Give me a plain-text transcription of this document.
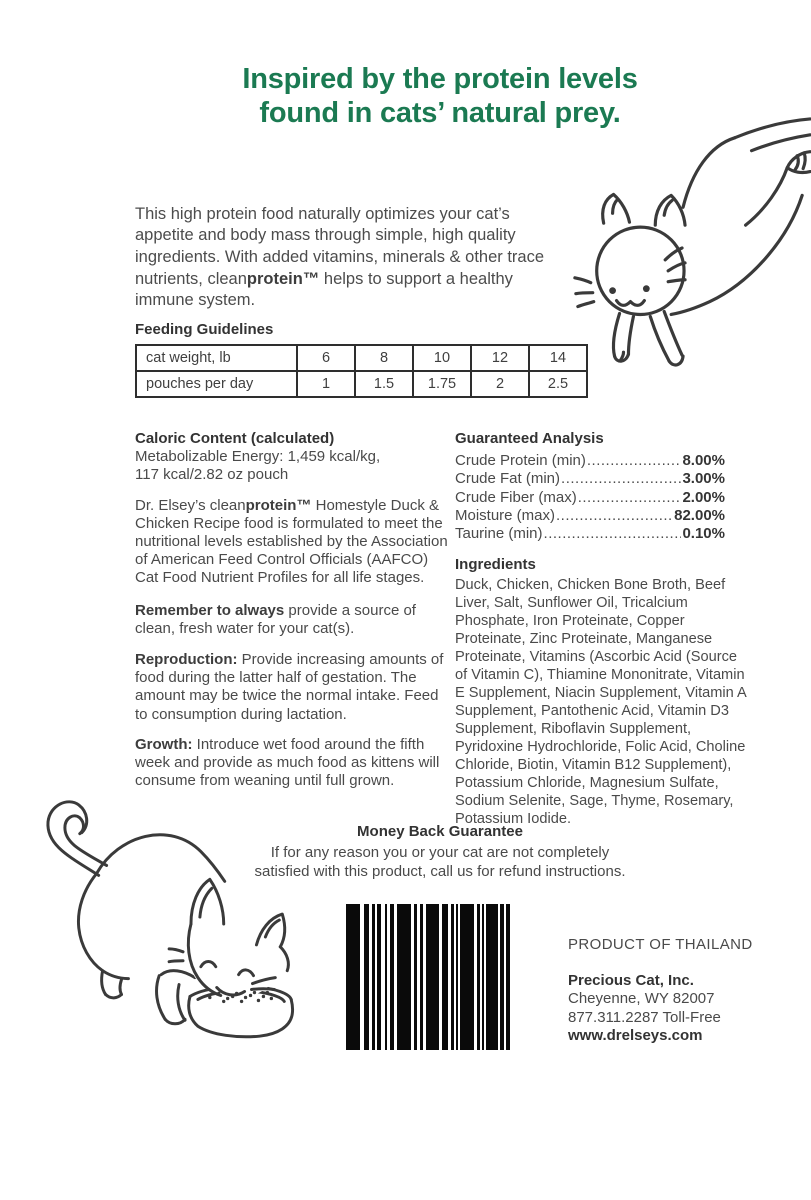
Inspired by the protein levels
found in cats’ natural prey.

This high protein food naturally optimizes your cat’s appetite and body mass through simple, high quality ingredients. With added vitamins, minerals & other trace nutrients, cleanprotein™ helps to support a healthy immune system.

Feeding Guidelines
cat weight, lb	6	8	10	12	14
pouches per day	1	1.5	1.75	2	2.5

Caloric Content (calculated)

Metabolizable Energy: 1,459 kcal/kg,

117 kcal/2.82 oz pouch

Dr. Elsey’s cleanprotein™ Homestyle Duck & Chicken Recipe food is formulated to meet the nutritional levels established by the Association of American Feed Control Officials (AAFCO) Cat Food Nutrient Profiles for all life stages.

Remember to always provide a source of clean, fresh water for your cat(s).

Reproduction: Provide increasing amounts of food during the latter half of gestation. The amount may be twice the normal intake. Feed to consumption during lactation.

Growth: Introduce wet food around the fifth week and provide as much food as kittens will consume from weaning until full grown.

Guaranteed Analysis

Crude Protein (min) .....	8.00%
Crude Fat (min) .....	3.00%
Crude Fiber (max) .....	2.00%
Moisture (max) .....	82.00%
Taurine (min) .....	0.10%

Ingredients

Duck, Chicken, Chicken Bone Broth, Beef Liver, Salt, Sunflower Oil, Tricalcium Phosphate, Iron Proteinate, Copper Proteinate, Zinc Proteinate, Manganese Proteinate, Vitamins (Ascorbic Acid (Source of Vitamin C), Thiamine Mononitrate, Vitamin E Supplement, Niacin Supplement, Vitamin A Supplement, Pantothenic Acid, Vitamin D3 Supplement, Riboflavin Supplement, Pyridoxine Hydrochloride, Folic Acid, Choline Chloride, Biotin, Vitamin B12 Supplement), Potassium Chloride, Magnesium Sulfate, Sodium Selenite, Sage, Thyme, Rosemary, Potassium Iodide.

Money Back Guarantee
If for any reason you or your cat are not completely
satisfied with this product, call us for refund instructions.

PRODUCT OF THAILAND

Precious Cat, Inc.

Cheyenne, WY 82007

877.311.2287 Toll-Free

www.drelseys.com
